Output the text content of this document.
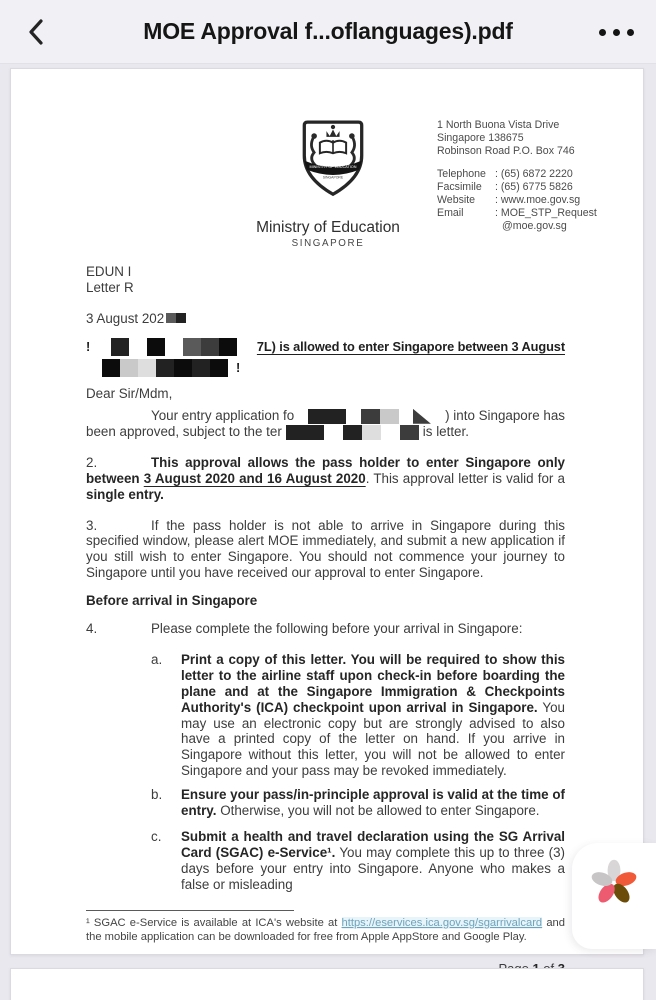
MOE Approval f...oflanguages).pdf
MINISTRY OF EDUCATION
SINGAPORE
1 North Buona Vista Drive
Singapore 138675
Robinson Road P.O. Box 746
Telephone : (65) 6872 2220
Facsimile	: (65) 6775 5826
Website	: www.moe.gov.sg
Email	: MOE_STP_Request
@moe.gov.sg
Ministry of Education
SINGAPORE
EDUN I
Letter R
3 August 202
!	7L) is allowed to enter Singapore between 3 August
!
Dear Sir/Mdm,
Your entry application fo	) into Singapore has
been approved, subject to the ter	is letter.
2.	This approval allows the pass holder to enter Singapore only between 3 August 2020 and 16 August 2020. This approval letter is valid for a single entry.
3.	If the pass holder is not able to arrive in Singapore during this specified window, please alert MOE immediately, and submit a new application if you still wish to enter Singapore. You should not commence your journey to Singapore until you have received our approval to enter Singapore.
Before arrival in Singapore
4.	Please complete the following before your arrival in Singapore:
a.	Print a copy of this letter. You will be required to show this letter to the airline staff upon check-in before boarding the plane and at the Singapore Immigration & Checkpoints Authority's (ICA) checkpoint upon arrival in Singapore. You may use an electronic copy but are strongly advised to also have a printed copy of the letter on hand. If you arrive in Singapore without this letter, you will not be allowed to enter Singapore and your pass may be revoked immediately.
b.	Ensure your pass/in-principle approval is valid at the time of entry. Otherwise, you will not be allowed to enter Singapore.
c.	Submit a health and travel declaration using the SG Arrival Card (SGAC) e-Service¹. You may complete this up to three (3) days before your entry into Singapore. Anyone who makes a false or misleading
¹ SGAC e-Service is available at ICA's website at https://eservices.ica.gov.sg/sgarrivalcard and the mobile application can be downloaded for free from Apple AppStore and Google Play.
